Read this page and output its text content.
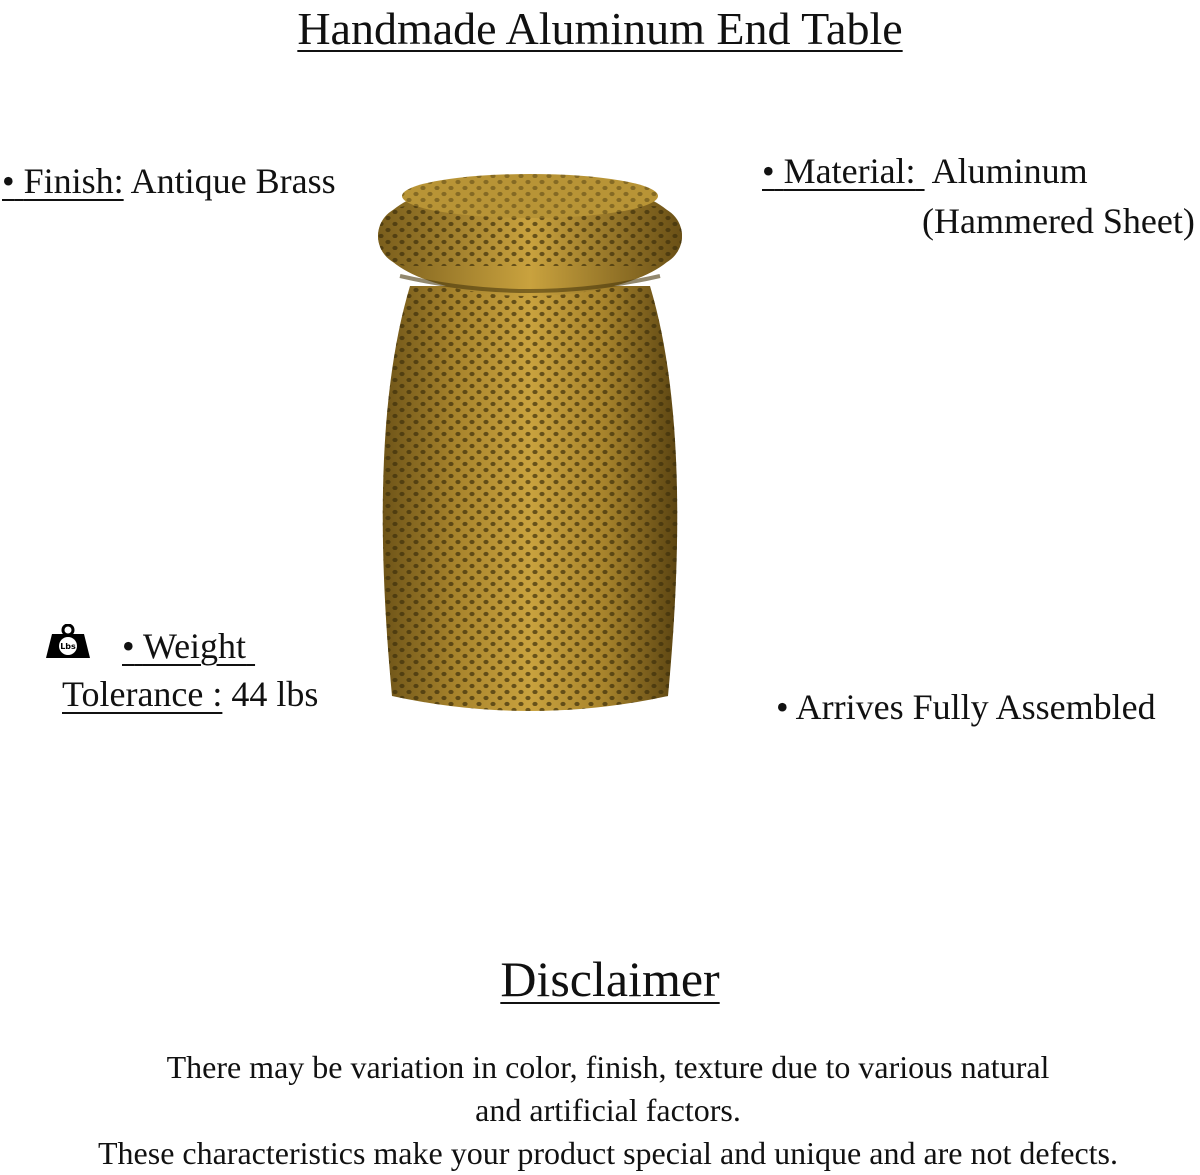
Handmade Aluminum End Table
• Finish: Antique Brass	• Material: Aluminum
(Hammered Sheet)
Lbs • Weight
Tolerance : 44 lbs	• Arrives Fully Assembled
Disclaimer
There may be variation in color, finish, texture due to various natural
and artificial factors.
These characteristics make your product special and unique and are not defects.
